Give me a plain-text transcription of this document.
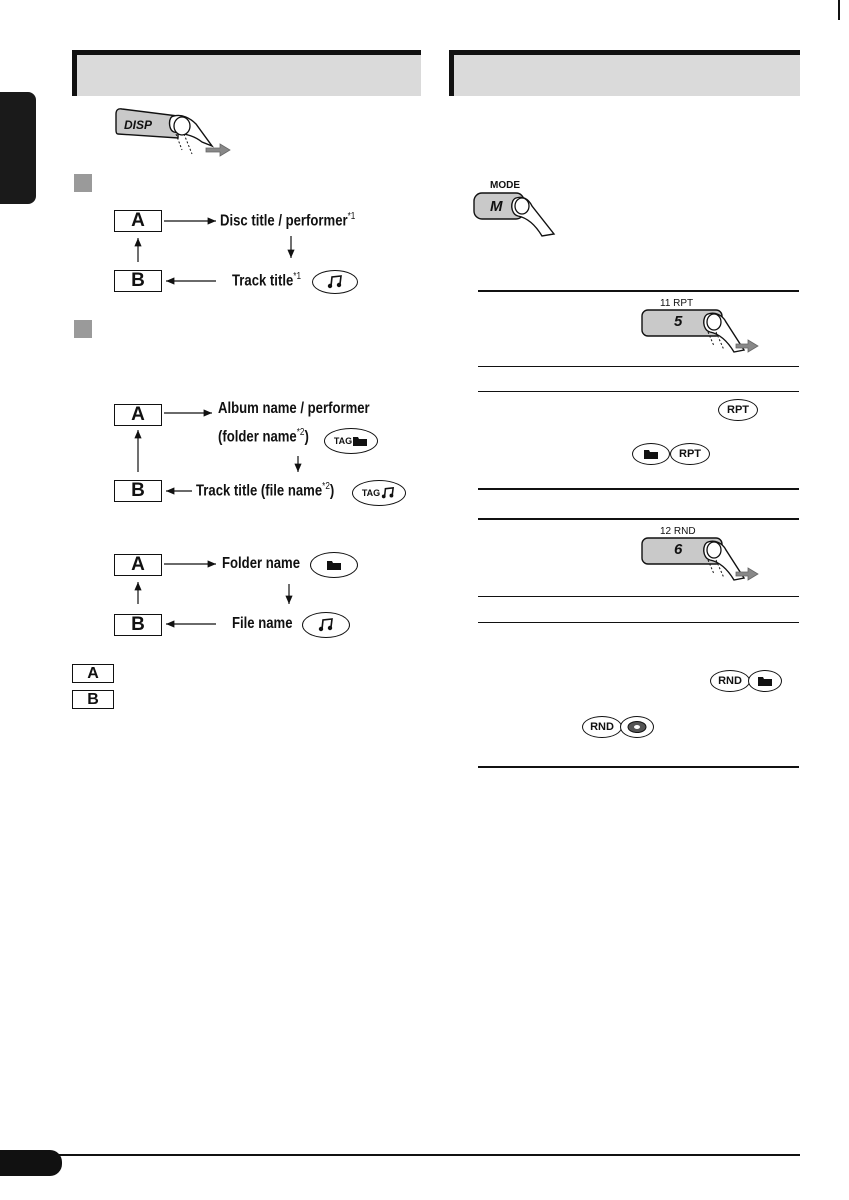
DISP
A
B
Disc title / performer$^{*1}$
Track title$^{*1}$
A
B
Album name / performer
(folder name$^{*2}$)	TAG
Track title (file name$^{*2}$)	TAG
A
B
Folder name
File name
A
B
MODE
M
11 RPT
5
RPT
RPT
12 RND
6
RND
RND
